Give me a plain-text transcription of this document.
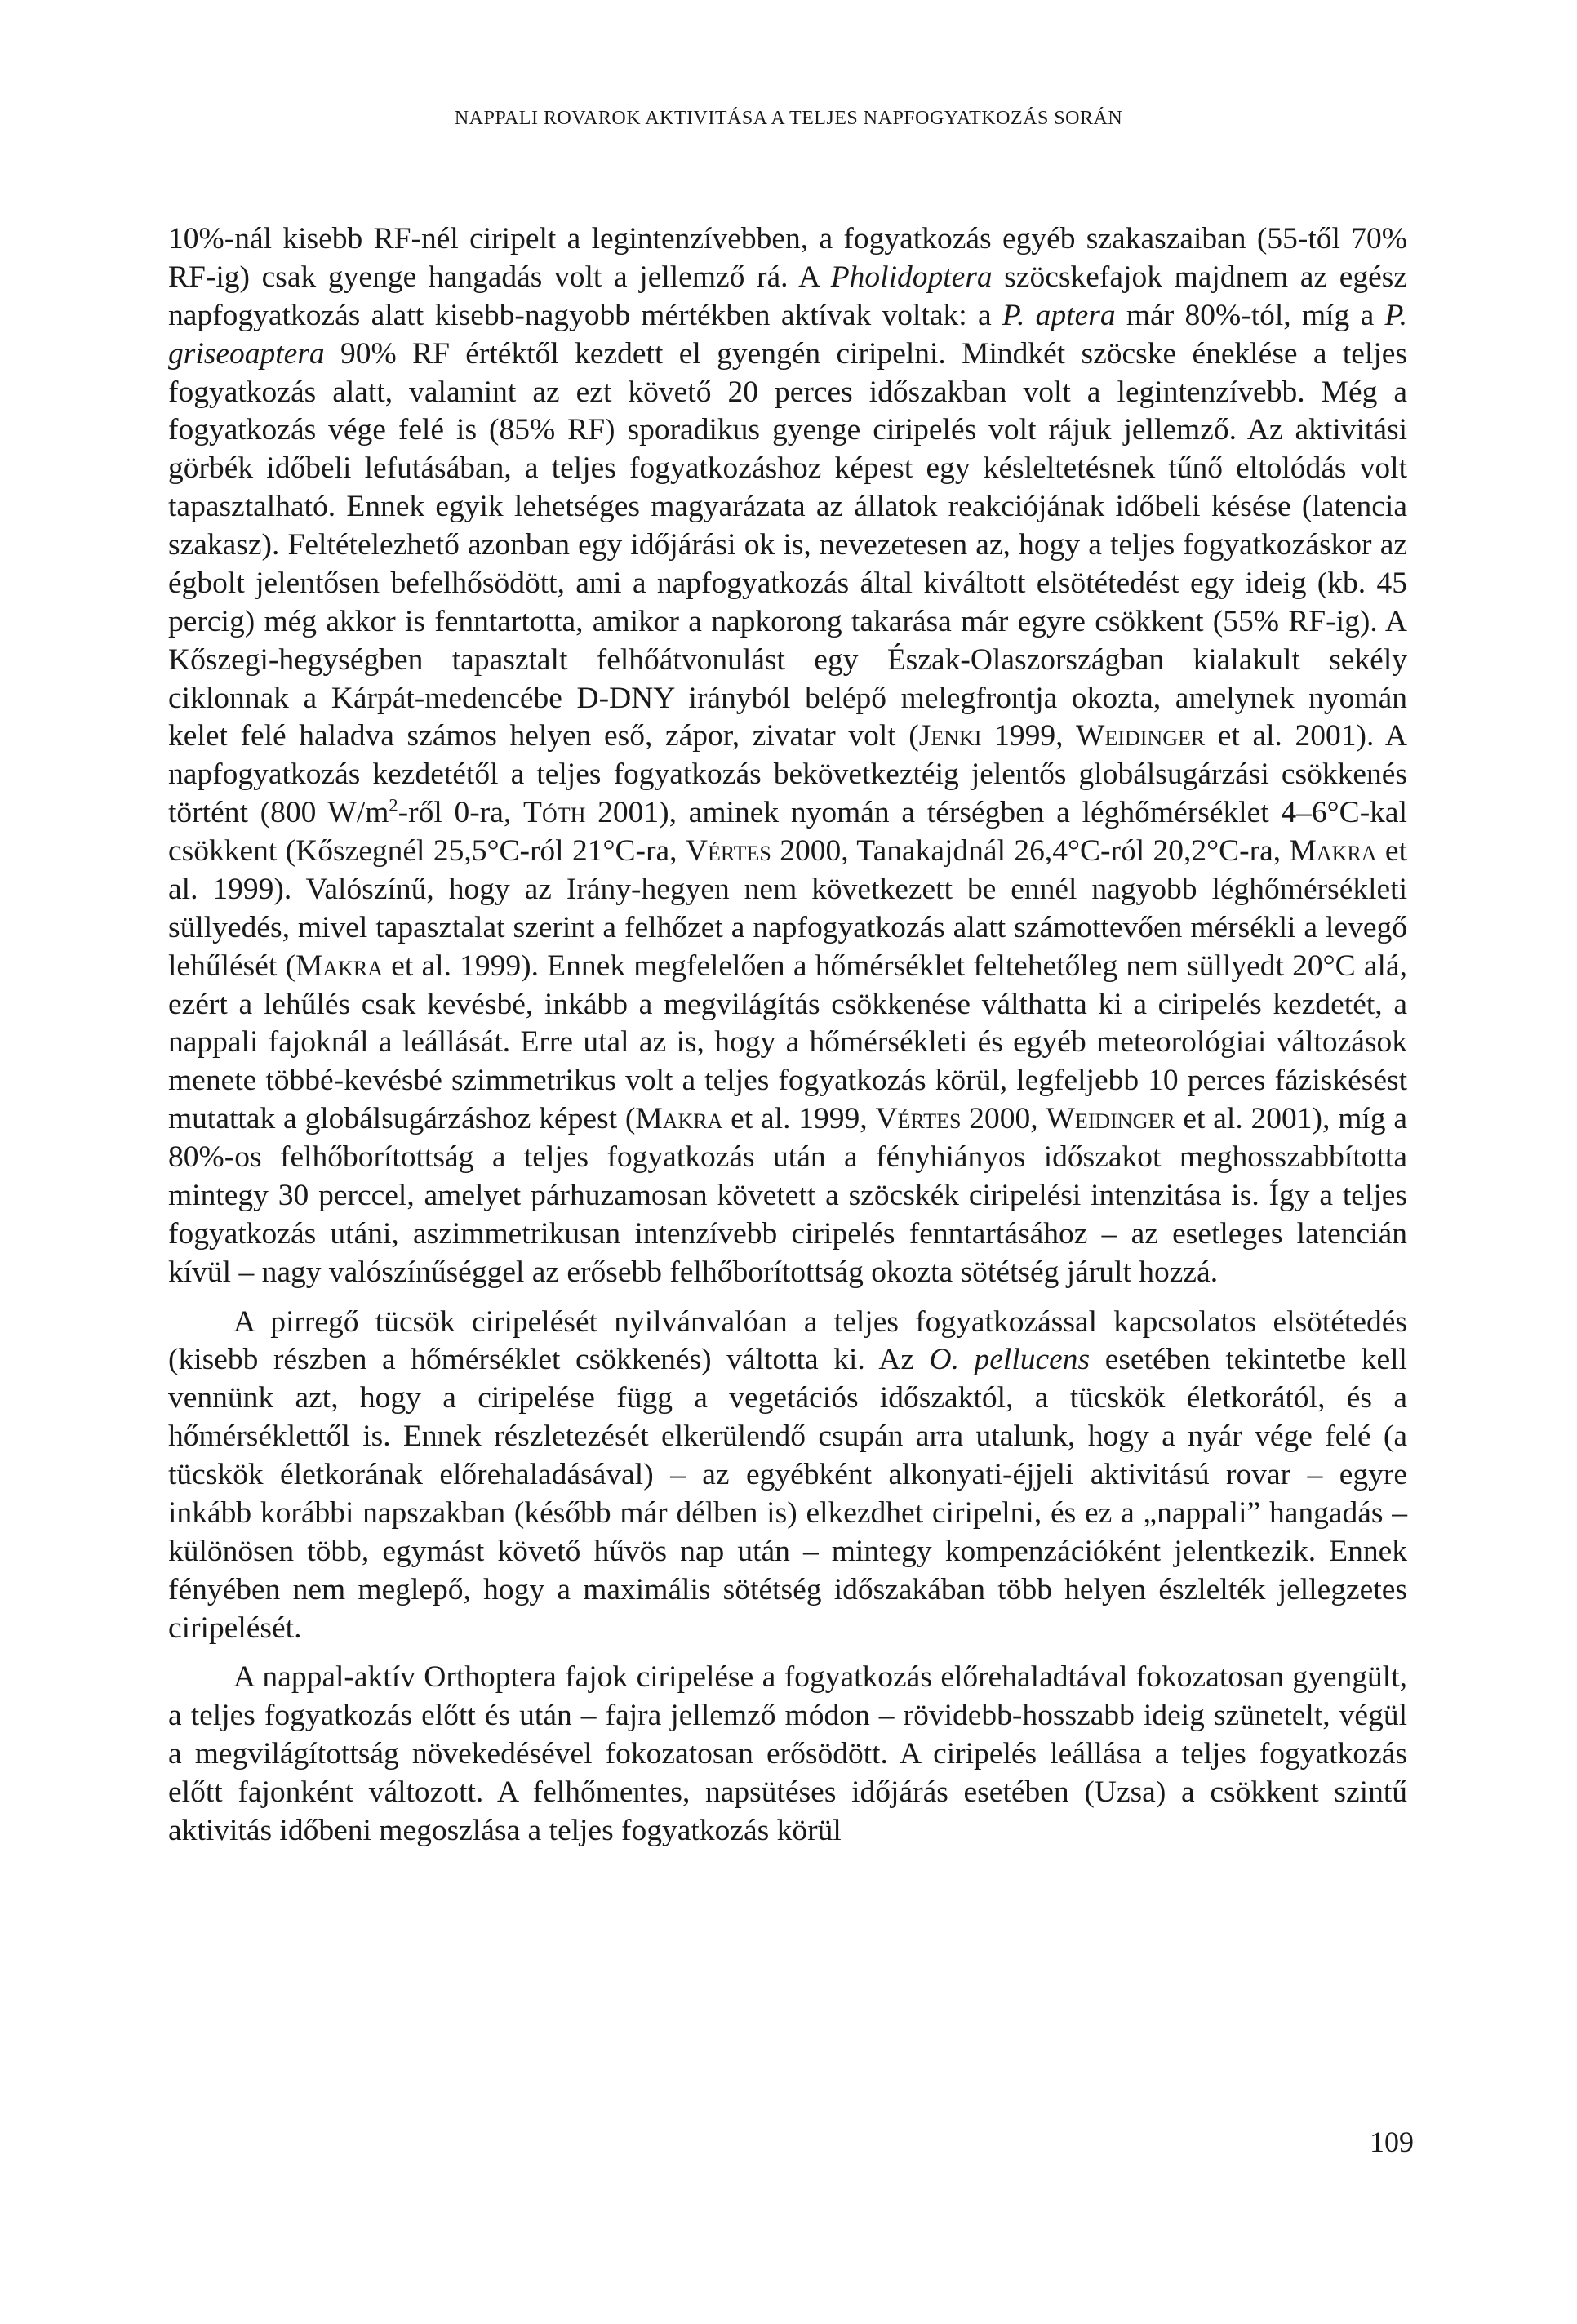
NAPPALI ROVAROK AKTIVITÁSA A TELJES NAPFOGYATKOZÁS SORÁN

10%-nál kisebb RF-nél ciripelt a legintenzívebben, a fogyatkozás egyéb szakaszaiban (55-től 70% RF-ig) csak gyenge hangadás volt a jellemző rá. A Pholidoptera szöcskefajok majdnem az egész napfogyatkozás alatt kisebb-nagyobb mértékben aktívak voltak: a P. aptera már 80%-tól, míg a P. griseoaptera 90% RF értéktől kezdett el gyengén ciripelni. Mindkét szöcske éneklése a teljes fogyatkozás alatt, valamint az ezt követő 20 perces időszakban volt a legintenzívebb. Még a fogyatkozás vége felé is (85% RF) sporadikus gyenge ciripelés volt rájuk jellemző. Az aktivitási görbék időbeli lefutásában, a teljes fogyatkozáshoz képest egy késleltetésnek tűnő eltolódás volt tapasztalható. Ennek egyik lehetséges magyarázata az állatok reakciójának időbeli késése (latencia szakasz). Feltételezhető azonban egy időjárási ok is, nevezetesen az, hogy a teljes fogyatkozáskor az égbolt jelentősen befelhősödött, ami a napfogyatkozás által kiváltott elsötétedést egy ideig (kb. 45 percig) még akkor is fenntartotta, amikor a napkorong takarása már egyre csökkent (55% RF-ig). A Kőszegi-hegységben tapasztalt felhőátvonulást egy Észak-Olaszországban kialakult sekély ciklonnak a Kárpát-medencébe D-DNY irányból belépő melegfrontja okozta, amelynek nyomán kelet felé haladva számos helyen eső, zápor, zivatar volt (Jenki 1999, Weidinger et al. 2001). A napfogyatkozás kezdetétől a teljes fogyatkozás bekövetkeztéig jelentős globálsugárzási csökkenés történt (800 $W/m^2$-ről 0-ra, Tóth 2001), aminek nyomán a térségben a léghőmérséklet 4–6°C-kal csökkent (Kőszegnél 25,5°C-ról 21°C-ra, Vértes 2000, Tanakajdnál 26,4°C-ról 20,2°C-ra, Makra et al. 1999). Valószínű, hogy az Irány-hegyen nem következett be ennél nagyobb léghőmérsékleti süllyedés, mivel tapasztalat szerint a felhőzet a napfogyatkozás alatt számottevően mérsékli a levegő lehűlését (Makra et al. 1999). Ennek megfelelően a hőmérséklet feltehetőleg nem süllyedt 20°C alá, ezért a lehűlés csak kevésbé, inkább a megvilágítás csökkenése válthatta ki a ciripelés kezdetét, a nappali fajoknál a leállását. Erre utal az is, hogy a hőmérsékleti és egyéb meteorológiai változások menete többé-kevésbé szimmetrikus volt a teljes fogyatkozás körül, legfeljebb 10 perces fáziskésést mutattak a globálsugárzáshoz képest (Makra et al. 1999, Vértes 2000, Weidinger et al. 2001), míg a 80%-os felhőborítottság a teljes fogyatkozás után a fényhiányos időszakot meghosszabbította mintegy 30 perccel, amelyet párhuzamosan követett a szöcskék ciripelési intenzitása is. Így a teljes fogyatkozás utáni, aszimmetrikusan intenzívebb ciripelés fenntartásához – az esetleges latencián kívül – nagy valószínűséggel az erősebb felhőborítottság okozta sötétség járult hozzá.

A pirregő tücsök ciripelését nyilvánvalóan a teljes fogyatkozással kapcsolatos elsötétedés (kisebb részben a hőmérséklet csökkenés) váltotta ki. Az O. pellucens esetében tekintetbe kell vennünk azt, hogy a ciripelése függ a vegetációs időszaktól, a tücskök életkorától, és a hőmérséklettől is. Ennek részletezését elkerülendő csupán arra utalunk, hogy a nyár vége felé (a tücskök életkorának előrehaladásával) – az egyébként alkonyati-éjjeli aktivitású rovar – egyre inkább korábbi napszakban (később már délben is) elkezdhet ciripelni, és ez a „nappali” hangadás – különösen több, egymást követő hűvös nap után – mintegy kompenzációként jelentkezik. Ennek fényében nem meglepő, hogy a maximális sötétség időszakában több helyen észlelték jellegzetes ciripelését.

A nappal-aktív Orthoptera fajok ciripelése a fogyatkozás előrehaladtával fokozatosan gyengült, a teljes fogyatkozás előtt és után – fajra jellemző módon – rövidebb-hosszabb ideig szünetelt, végül a megvilágítottság növekedésével fokozatosan erősödött. A ciripelés leállása a teljes fogyatkozás előtt fajonként változott. A felhőmentes, napsütéses időjárás esetében (Uzsa) a csökkent szintű aktivitás időbeni megoszlása a teljes fogyatkozás körül

109
